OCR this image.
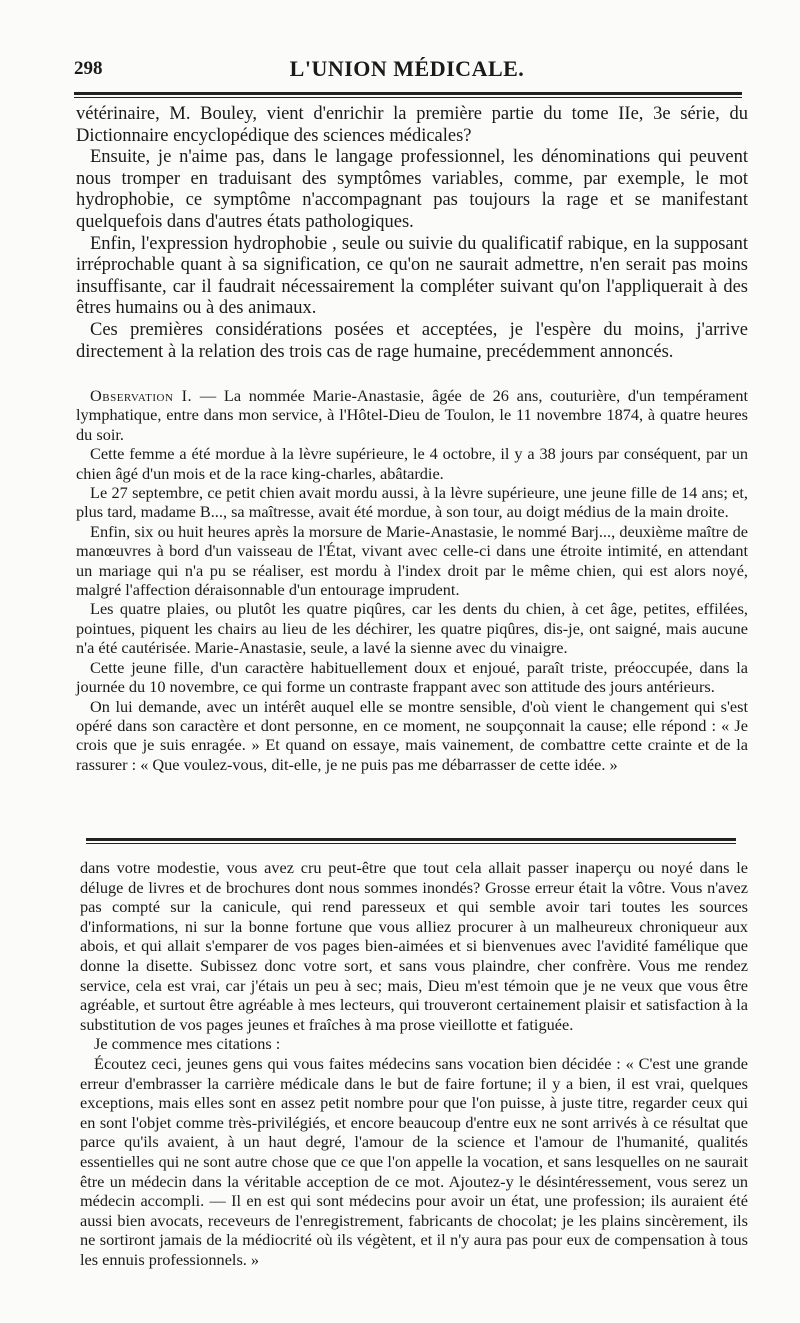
298	L'UNION MÉDICALE.

vétérinaire, M. Bouley, vient d'enrichir la première partie du tome IIe, 3e série, du Dictionnaire encyclopédique des sciences médicales?

Ensuite, je n'aime pas, dans le langage professionnel, les dénominations qui peuvent nous tromper en traduisant des symptômes variables, comme, par exemple, le mot hydrophobie, ce symptôme n'accompagnant pas toujours la rage et se manifestant quelquefois dans d'autres états pathologiques.

Enfin, l'expression hydrophobie , seule ou suivie du qualificatif rabique, en la supposant irréprochable quant à sa signification, ce qu'on ne saurait admettre, n'en serait pas moins insuffisante, car il faudrait nécessairement la compléter suivant qu'on l'appliquerait à des êtres humains ou à des animaux.

Ces premières considérations posées et acceptées, je l'espère du moins, j'arrive directement à la relation des trois cas de rage humaine, precédemment annoncés.

Observation I. — La nommée Marie-Anastasie, âgée de 26 ans, couturière, d'un tempérament lymphatique, entre dans mon service, à l'Hôtel-Dieu de Toulon, le 11 novembre 1874, à quatre heures du soir.

Cette femme a été mordue à la lèvre supérieure, le 4 octobre, il y a 38 jours par conséquent, par un chien âgé d'un mois et de la race king-charles, abâtardie.

Le 27 septembre, ce petit chien avait mordu aussi, à la lèvre supérieure, une jeune fille de 14 ans; et, plus tard, madame B..., sa maîtresse, avait été mordue, à son tour, au doigt médius de la main droite.

Enfin, six ou huit heures après la morsure de Marie-Anastasie, le nommé Barj..., deuxième maître de manœuvres à bord d'un vaisseau de l'État, vivant avec celle-ci dans une étroite intimité, en attendant un mariage qui n'a pu se réaliser, est mordu à l'index droit par le même chien, qui est alors noyé, malgré l'affection déraisonnable d'un entourage imprudent.

Les quatre plaies, ou plutôt les quatre piqûres, car les dents du chien, à cet âge, petites, effilées, pointues, piquent les chairs au lieu de les déchirer, les quatre piqûres, dis-je, ont saigné, mais aucune n'a été cautérisée. Marie-Anastasie, seule, a lavé la sienne avec du vinaigre.

Cette jeune fille, d'un caractère habituellement doux et enjoué, paraît triste, préoccupée, dans la journée du 10 novembre, ce qui forme un contraste frappant avec son attitude des jours antérieurs.

On lui demande, avec un intérêt auquel elle se montre sensible, d'où vient le changement qui s'est opéré dans son caractère et dont personne, en ce moment, ne soupçonnait la cause; elle répond : « Je crois que je suis enragée. » Et quand on essaye, mais vainement, de combattre cette crainte et de la rassurer : « Que voulez-vous, dit-elle, je ne puis pas me débarrasser de cette idée. »

dans votre modestie, vous avez cru peut-être que tout cela allait passer inaperçu ou noyé dans le déluge de livres et de brochures dont nous sommes inondés? Grosse erreur était la vôtre. Vous n'avez pas compté sur la canicule, qui rend paresseux et qui semble avoir tari toutes les sources d'informations, ni sur la bonne fortune que vous alliez procurer à un malheureux chroniqueur aux abois, et qui allait s'emparer de vos pages bien-aimées et si bienvenues avec l'avidité famélique que donne la disette. Subissez donc votre sort, et sans vous plaindre, cher confrère. Vous me rendez service, cela est vrai, car j'étais un peu à sec; mais, Dieu m'est témoin que je ne veux que vous être agréable, et surtout être agréable à mes lecteurs, qui trouveront certainement plaisir et satisfaction à la substitution de vos pages jeunes et fraîches à ma prose vieillotte et fatiguée.

Je commence mes citations :

Écoutez ceci, jeunes gens qui vous faites médecins sans vocation bien décidée : « C'est une grande erreur d'embrasser la carrière médicale dans le but de faire fortune; il y a bien, il est vrai, quelques exceptions, mais elles sont en assez petit nombre pour que l'on puisse, à juste titre, regarder ceux qui en sont l'objet comme très-privilégiés, et encore beaucoup d'entre eux ne sont arrivés à ce résultat que parce qu'ils avaient, à un haut degré, l'amour de la science et l'amour de l'humanité, qualités essentielles qui ne sont autre chose que ce que l'on appelle la vocation, et sans lesquelles on ne saurait être un médecin dans la véritable acception de ce mot. Ajoutez-y le désintéressement, vous serez un médecin accompli. — Il en est qui sont médecins pour avoir un état, une profession; ils auraient été aussi bien avocats, receveurs de l'enregistrement, fabricants de chocolat; je les plains sincèrement, ils ne sortiront jamais de la médiocrité où ils végètent, et il n'y aura pas pour eux de compensation à tous les ennuis professionnels. »
